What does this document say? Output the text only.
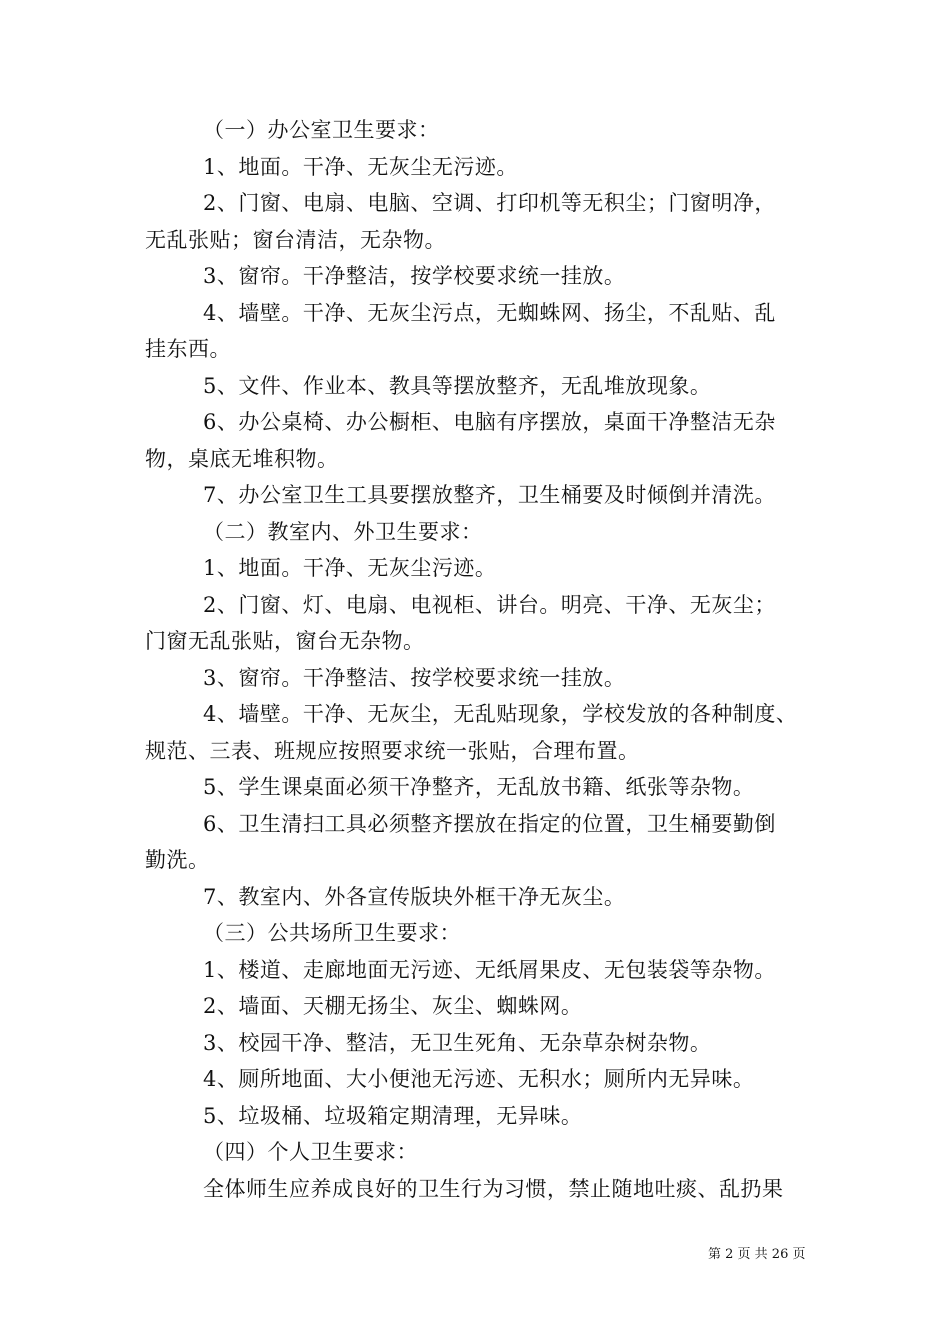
（一）办公室卫生要求：
1、地面。干净、无灰尘无污迹。
2、门窗、电扇、电脑、空调、打印机等无积尘；门窗明净，
无乱张贴；窗台清洁，无杂物。
3、窗帘。干净整洁，按学校要求统一挂放。
4、墙壁。干净、无灰尘污点，无蜘蛛网、扬尘，不乱贴、乱
挂东西。
5、文件、作业本、教具等摆放整齐，无乱堆放现象。
6、办公桌椅、办公橱柜、电脑有序摆放，桌面干净整洁无杂
物，桌底无堆积物。
7、办公室卫生工具要摆放整齐，卫生桶要及时倾倒并清洗。
（二）教室内、外卫生要求：
1、地面。干净、无灰尘污迹。
2、门窗、灯、电扇、电视柜、讲台。明亮、干净、无灰尘；
门窗无乱张贴，窗台无杂物。
3、窗帘。干净整洁、按学校要求统一挂放。
4、墙壁。干净、无灰尘，无乱贴现象，学校发放的各种制度、
规范、三表、班规应按照要求统一张贴，合理布置。
5、学生课桌面必须干净整齐，无乱放书籍、纸张等杂物。
6、卫生清扫工具必须整齐摆放在指定的位置，卫生桶要勤倒
勤洗。
7、教室内、外各宣传版块外框干净无灰尘。
（三）公共场所卫生要求：
1、楼道、走廊地面无污迹、无纸屑果皮、无包装袋等杂物。
2、墙面、天棚无扬尘、灰尘、蜘蛛网。
3、校园干净、整洁，无卫生死角、无杂草杂树杂物。
4、厕所地面、大小便池无污迹、无积水；厕所内无异味。
5、垃圾桶、垃圾箱定期清理，无异味。
（四）个人卫生要求：
全体师生应养成良好的卫生行为习惯，禁止随地吐痰、乱扔果
第 2 页 共 26 页
